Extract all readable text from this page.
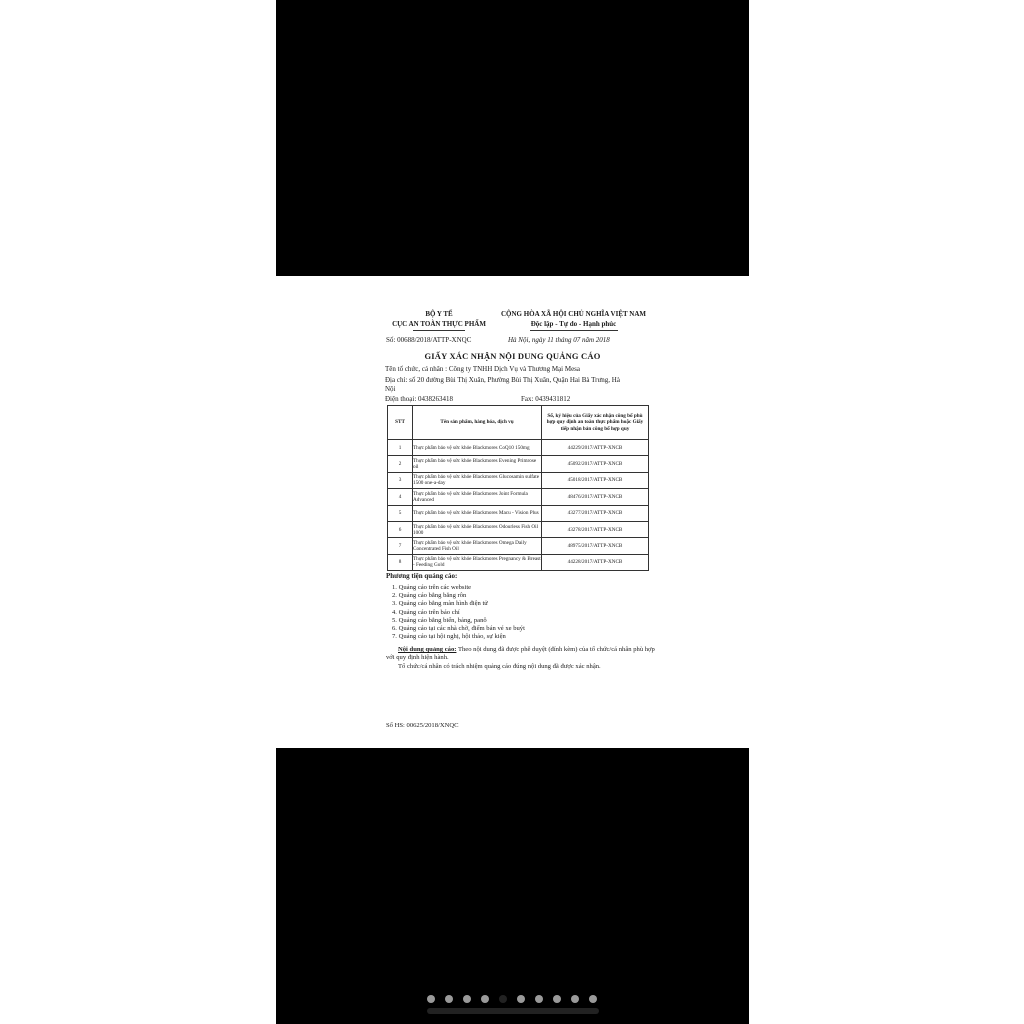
BỘ Y TẾ
CỤC AN TOÀN THỰC PHẨM
CỘNG HÒA XÃ HỘI CHỦ NGHĨA VIỆT NAM
Độc lập - Tự do - Hạnh phúc
Số: 00688/2018/ATTP-XNQC	Hà Nội, ngày 11 tháng 07 năm 2018
GIẤY XÁC NHẬN NỘI DUNG QUẢNG CÁO
Tên tổ chức, cá nhân : Công ty TNHH Dịch Vụ và Thương Mại Mesa
Địa chỉ: số 20 đường Bùi Thị Xuân, Phường Bùi Thị Xuân, Quận Hai Bà Trưng, Hà
Nội
Điện thoại: 0438263418	Fax: 0439431812
STT	Tên sản phẩm, hàng hóa, dịch vụ	Số, ký hiệu của Giấy xác nhận công bố phù hợp quy định an toàn thực phẩm hoặc Giấy tiếp nhận bản công bố hợp quy
1	Thực phẩm bảo vệ sức khỏe Blackmores CoQ10 150mg	44229/2017/ATTP-XNCB
2	Thực phẩm bảo vệ sức khỏe Blackmores Evening Primrose oil	45092/2017/ATTP-XNCB
3	Thực phẩm bảo vệ sức khỏe Blackmores Glucosamin sulfate 1500 one-a-day	45018/2017/ATTP-XNCB
4	Thực phẩm bảo vệ sức khỏe Blackmores Joint Formula Advanced	48476/2017/ATTP-XNCB
5	Thực phẩm bảo vệ sức khỏe Blackmores Macu - Vision Plus	43277/2017/ATTP-XNCB
6	Thực phẩm bảo vệ sức khỏe Blackmores Odourless Fish Oil 1000	43278/2017/ATTP-XNCB
7	Thực phẩm bảo vệ sức khỏe Blackmores Omega Daily Concentrated Fish Oil	48975/2017/ATTP-XNCB
8	Thực phẩm bảo vệ sức khỏe Blackmores Pregnancy & Breast - Feeding Gold	44228/2017/ATTP-XNCB
Phương tiện quảng cáo:
1. Quảng cáo trên các website
2. Quảng cáo bằng băng rôn
3. Quảng cáo bằng màn hình điện tử
4. Quảng cáo trên báo chí
5. Quảng cáo bằng biển, bảng, panô
6. Quảng cáo tại các nhà chờ, điểm bán vé xe buýt
7. Quảng cáo tại hội nghị, hội thảo, sự kiện
Nội dung quảng cáo: Theo nội dung đã được phê duyệt (đính kèm) của tổ chức/cá nhân phù hợp với quy định hiện hành.
Tổ chức/cá nhân có trách nhiệm quảng cáo đúng nội dung đã được xác nhận.
Số HS: 00625/2018/XNQC
